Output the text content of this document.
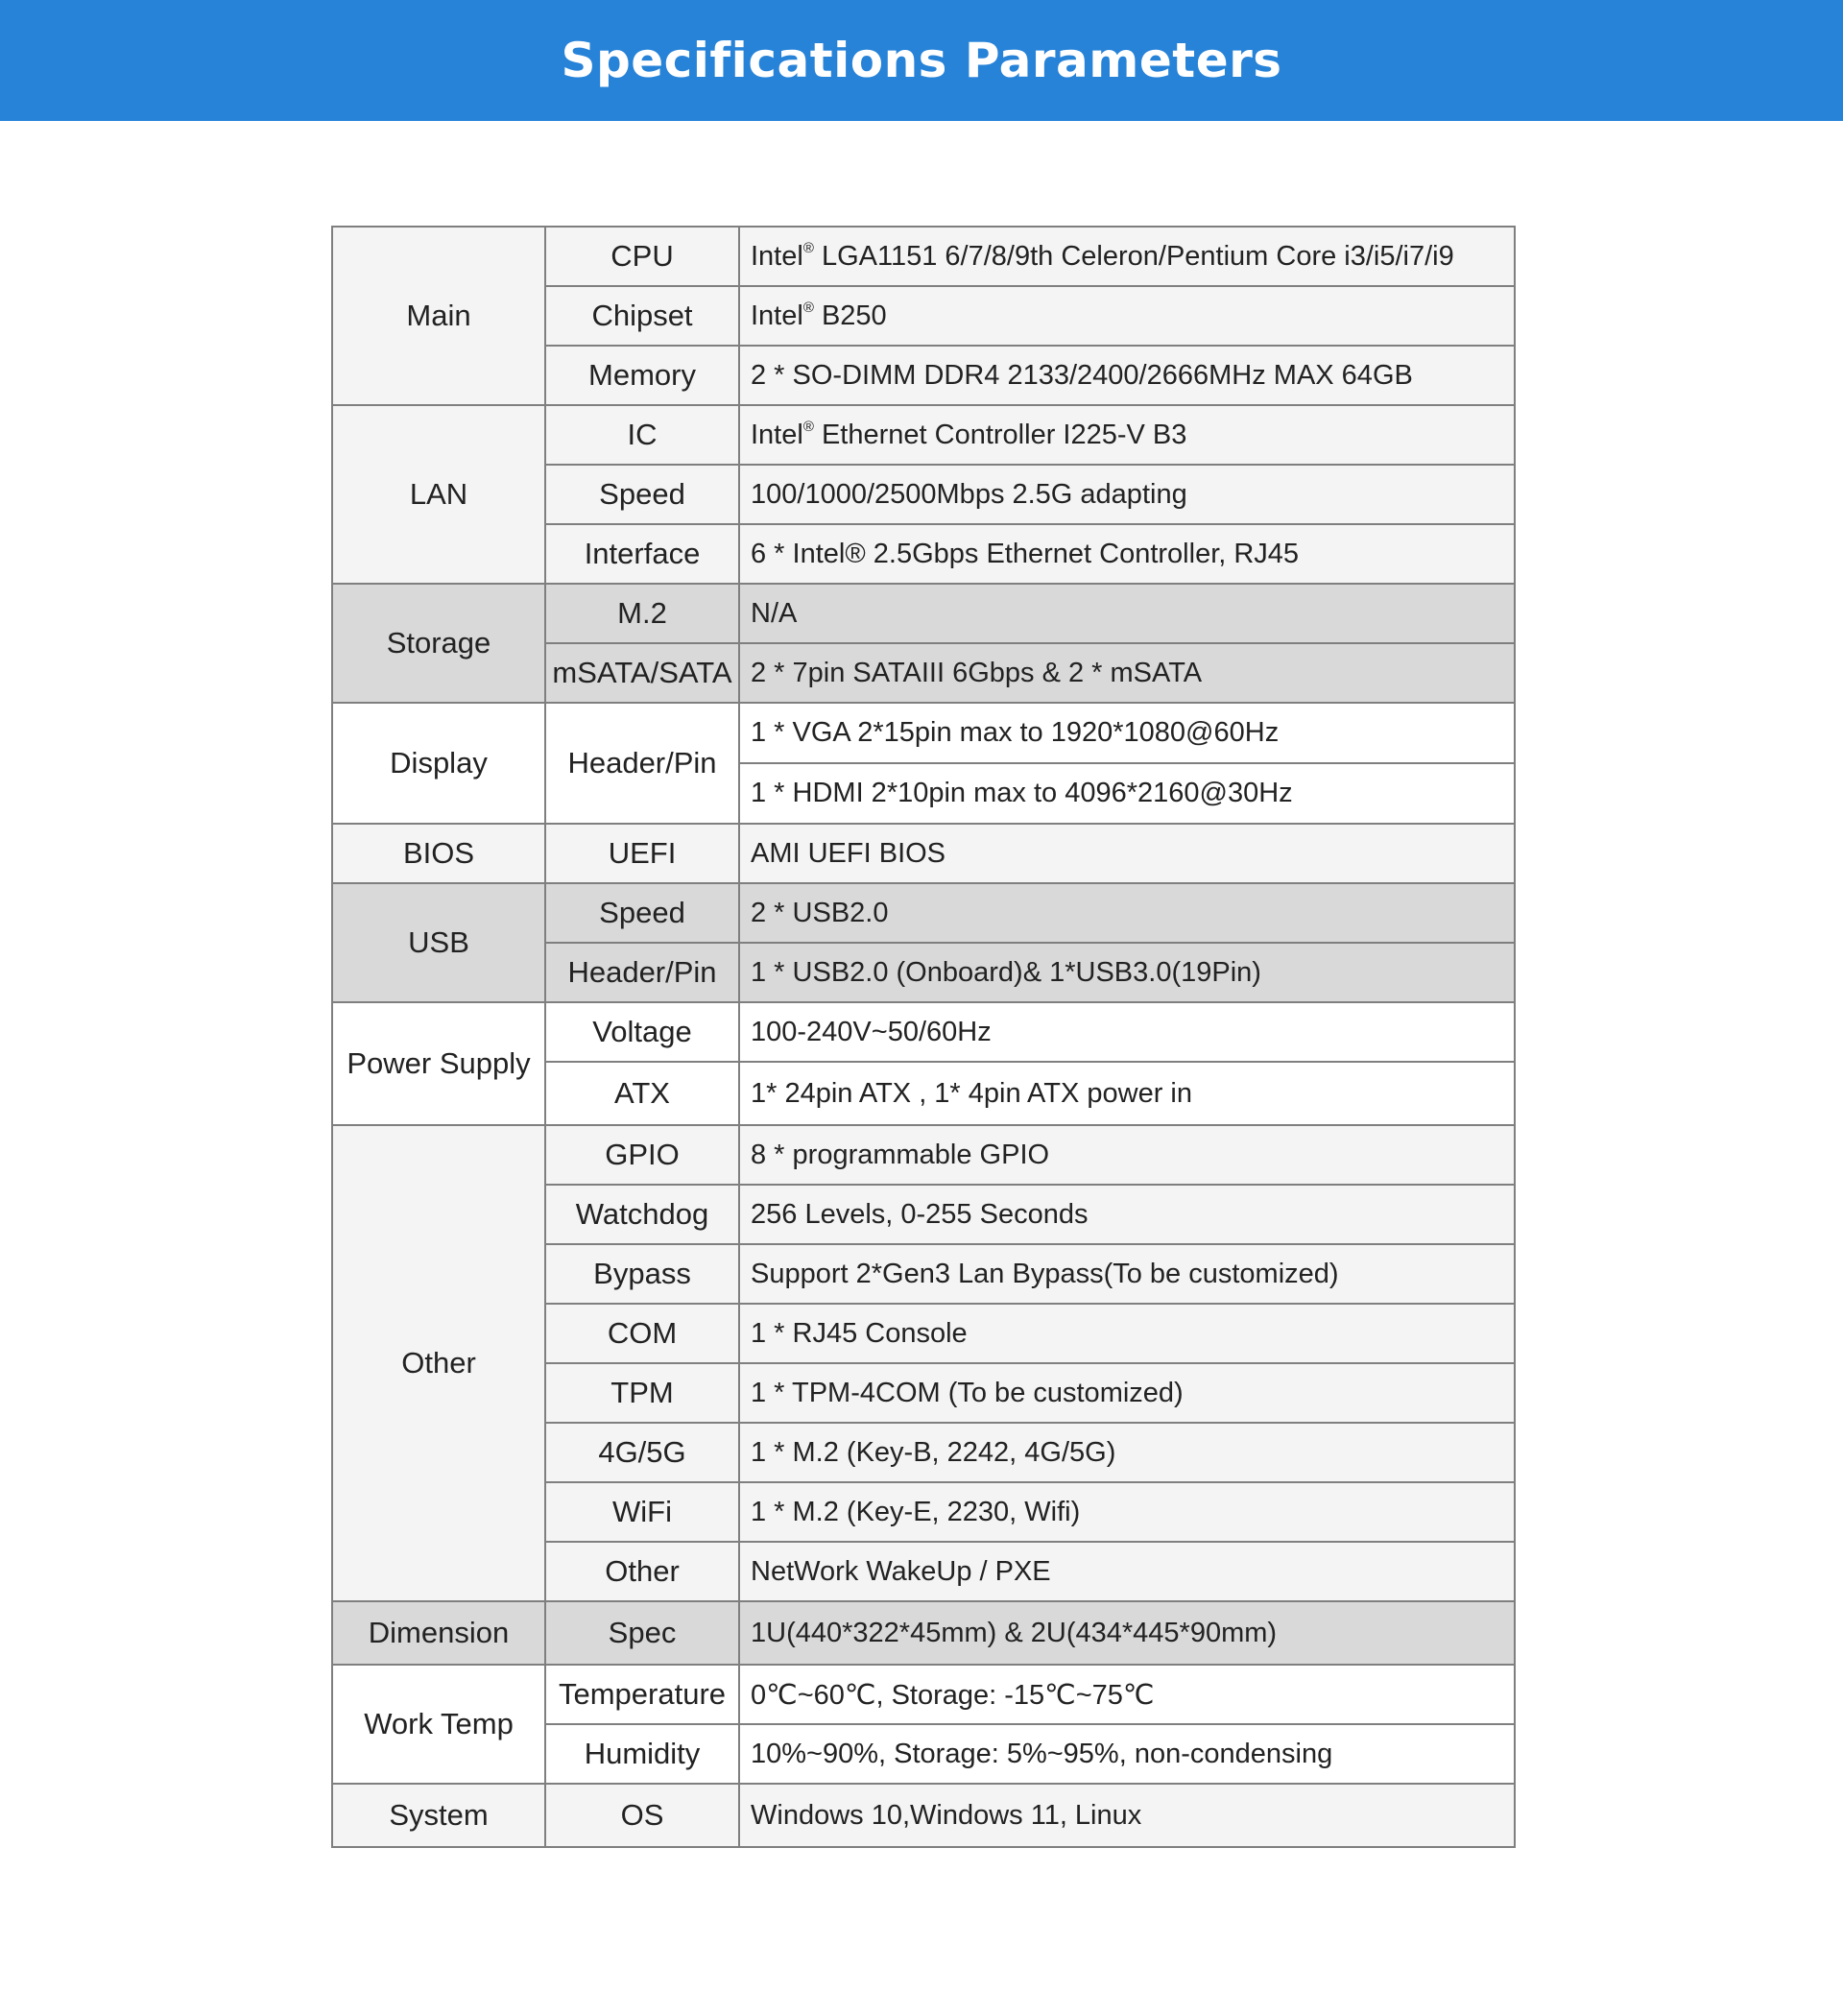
Specifications Parameters
Main	CPU	Intel® LGA1151 6/7/8/9th Celeron/Pentium Core i3/i5/i7/i9
	Chipset	Intel® B250
	Memory	2 * SO-DIMM DDR4 2133/2400/2666MHz MAX 64GB
LAN	IC	Intel® Ethernet Controller I225-V B3
	Speed	100/1000/2500Mbps 2.5G adapting
	Interface	6 * Intel® 2.5Gbps Ethernet Controller, RJ45
Storage	M.2	N/A
	mSATA/SATA	2 * 7pin SATAIII 6Gbps & 2 * mSATA
Display	Header/Pin	1 * VGA 2*15pin max to 1920*1080@60Hz
		1 * HDMI 2*10pin max to 4096*2160@30Hz
BIOS	UEFI	AMI UEFI BIOS
USB	Speed	2 * USB2.0
	Header/Pin	1 * USB2.0 (Onboard)& 1*USB3.0(19Pin)
Power Supply	Voltage	100-240V~50/60Hz
	ATX	1* 24pin ATX , 1* 4pin ATX power in
Other	GPIO	8 * programmable GPIO
	Watchdog	256 Levels, 0-255 Seconds
	Bypass	Support 2*Gen3 Lan Bypass(To be customized)
	COM	1 * RJ45 Console
	TPM	1 * TPM-4COM (To be customized)
	4G/5G	1 * M.2 (Key-B, 2242, 4G/5G)
	WiFi	1 * M.2 (Key-E, 2230, Wifi)
	Other	NetWork WakeUp / PXE
Dimension	Spec	1U(440*322*45mm) & 2U(434*445*90mm)
Work Temp	Temperature	0℃~60℃, Storage: -15℃~75℃
	Humidity	10%~90%, Storage: 5%~95%, non-condensing
System	OS	Windows 10,Windows 11, Linux
